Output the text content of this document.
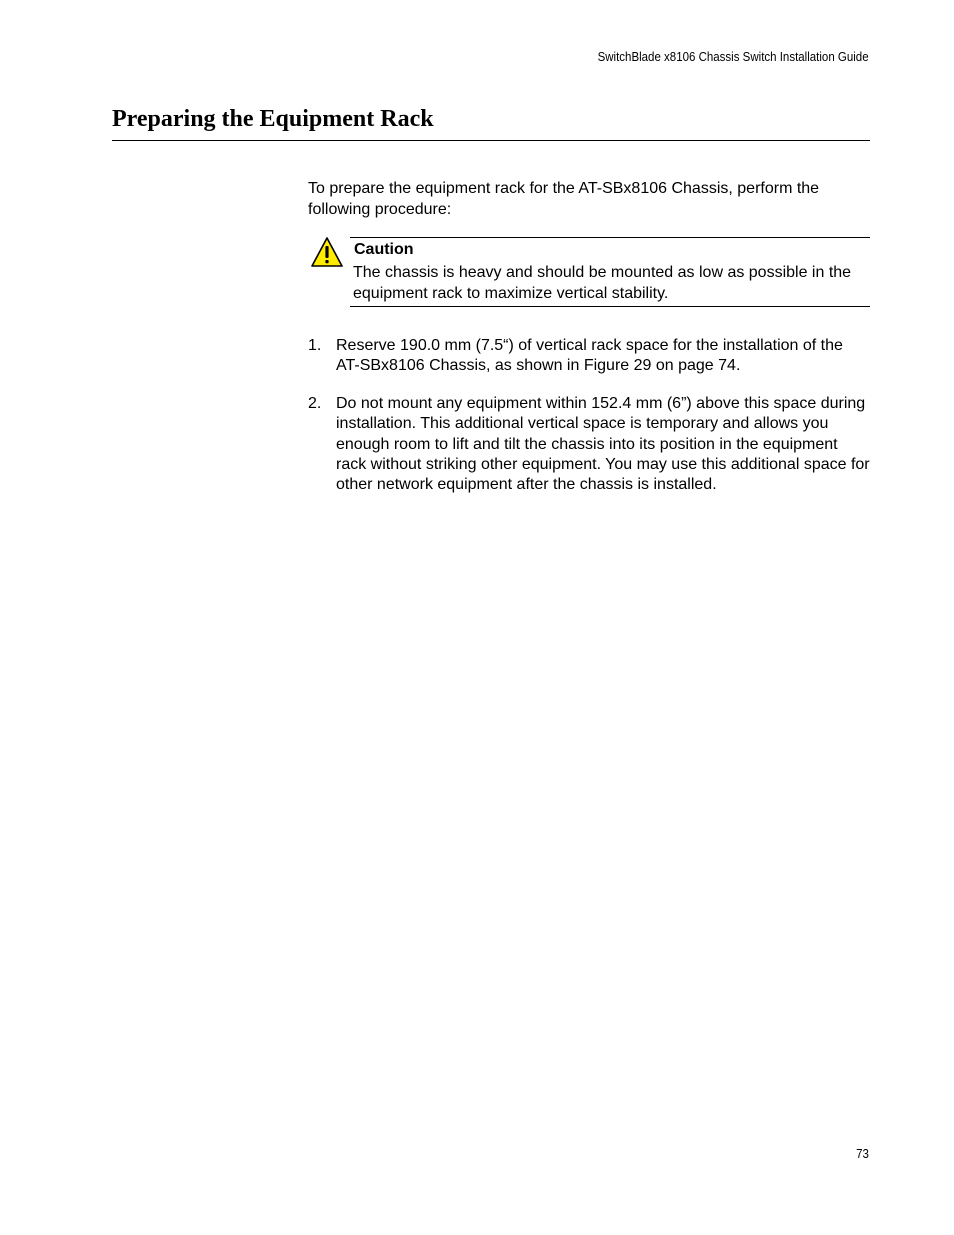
SwitchBlade x8106 Chassis Switch Installation Guide
Preparing the Equipment Rack

To prepare the equipment rack for the AT-SBx8106 Chassis, perform the following procedure:

Caution

The chassis is heavy and should be mounted as low as possible in the equipment rack to maximize vertical stability.

1. Reserve 190.0 mm (7.5“) of vertical rack space for the installation of the AT-SBx8106 Chassis, as shown in Figure 29 on page 74.

2. Do not mount any equipment within 152.4 mm (6”) above this space during installation. This additional vertical space is temporary and allows you enough room to lift and tilt the chassis into its position in the equipment rack without striking other equipment. You may use this additional space for other network equipment after the chassis is installed.

73
